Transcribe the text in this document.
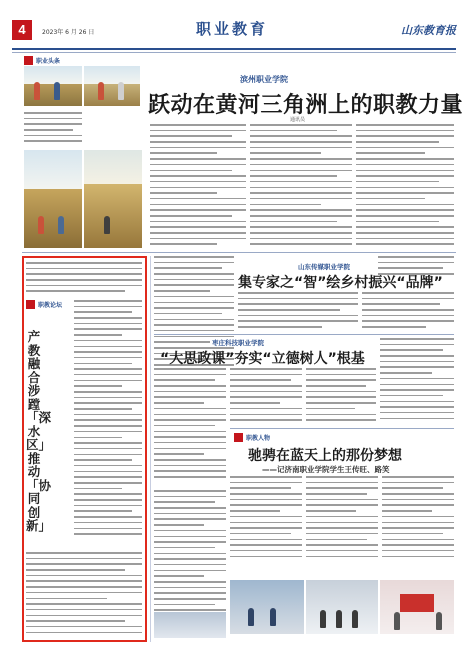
4	2023年 6 月 26 日	职业教育	山东教育报
职业头条
滨州职业学院
跃动在黄河三角洲上的职教力量
通讯员
职教论坛
产教融合涉蹚「深水区」推动「协同创新」
山东传媒职业学院
集专家之“智”绘乡村振兴“品牌”
枣庄科技职业学院
“大思政课”夯实“立德树人”根基
职教人物
驰骋在蓝天上的那份梦想
——记济南职业学院学生王传旺、路笑
